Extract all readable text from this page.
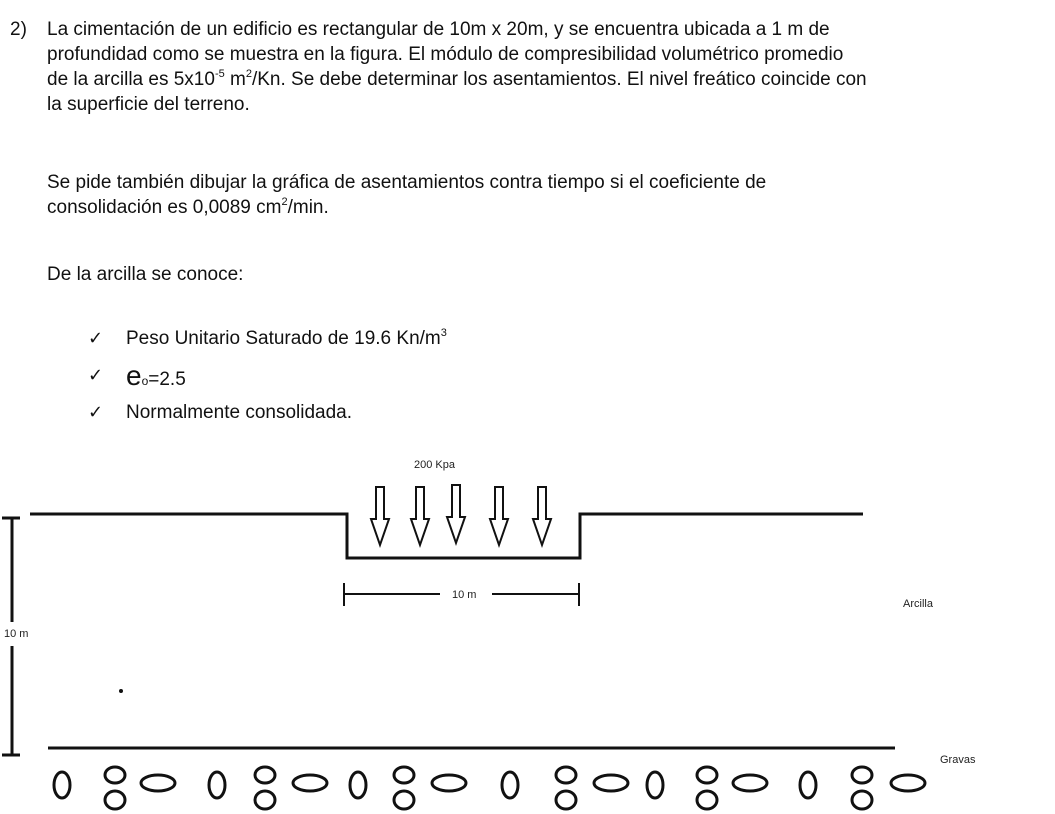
2) La cimentación de un edificio es rectangular de 10m x 20m, y se encuentra ubicada a 1 m de
profundidad como se muestra en la figura. El módulo de compresibilidad volumétrico promedio
de la arcilla es $5x10^{-5}$ $m^2/Kn$. Se debe determinar los asentamientos. El nivel freático coincide con
la superficie del terreno.
Se pide también dibujar la gráfica de asentamientos contra tiempo si el coeficiente de
consolidación es 0,0089 $cm^2/\min$.
De la arcilla se conoce:
✓ Peso Unitario Saturado de 19.6 $Kn/m^3$
✓ eo=2.5
✓ Normalmente consolidada.
200 Kpa
10 m
10 m
Arcilla
Gravas
